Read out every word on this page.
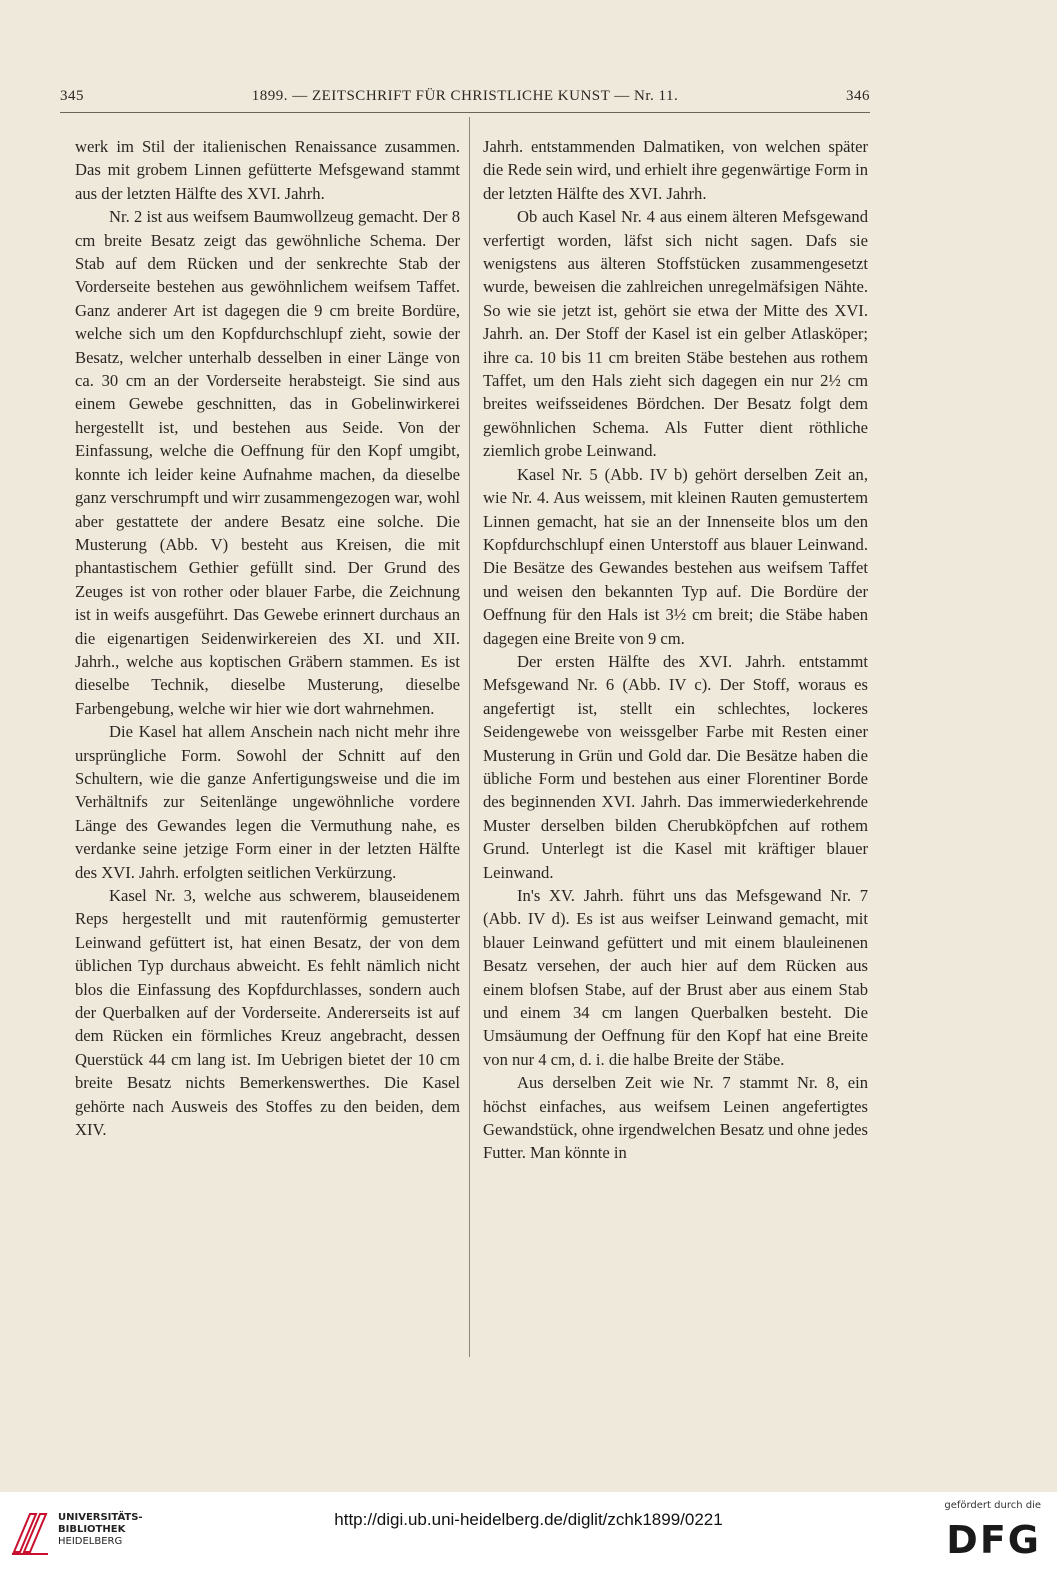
345	1899. — ZEITSCHRIFT FÜR CHRISTLICHE KUNST — Nr. 11.	346

werk im Stil der italienischen Renaissance zusammen. Das mit grobem Linnen gefütterte Mefsgewand stammt aus der letzten Hälfte des XVI. Jahrh.

Nr. 2 ist aus weifsem Baumwollzeug gemacht. Der 8 cm breite Besatz zeigt das gewöhnliche Schema. Der Stab auf dem Rücken und der senkrechte Stab der Vorderseite bestehen aus gewöhnlichem weifsem Taffet. Ganz anderer Art ist dagegen die 9 cm breite Bordüre, welche sich um den Kopfdurchschlupf zieht, sowie der Besatz, welcher unterhalb desselben in einer Länge von ca. 30 cm an der Vorderseite herabsteigt. Sie sind aus einem Gewebe geschnitten, das in Gobelinwirkerei hergestellt ist, und bestehen aus Seide. Von der Einfassung, welche die Oeffnung für den Kopf umgibt, konnte ich leider keine Aufnahme machen, da dieselbe ganz verschrumpft und wirr zusammengezogen war, wohl aber gestattete der andere Besatz eine solche. Die Musterung (Abb. V) besteht aus Kreisen, die mit phantastischem Gethier gefüllt sind. Der Grund des Zeuges ist von rother oder blauer Farbe, die Zeichnung ist in weifs ausgeführt. Das Gewebe erinnert durchaus an die eigenartigen Seidenwirkereien des XI. und XII. Jahrh., welche aus koptischen Gräbern stammen. Es ist dieselbe Technik, dieselbe Musterung, dieselbe Farbengebung, welche wir hier wie dort wahrnehmen.

Die Kasel hat allem Anschein nach nicht mehr ihre ursprüngliche Form. Sowohl der Schnitt auf den Schultern, wie die ganze Anfertigungsweise und die im Verhältnifs zur Seitenlänge ungewöhnliche vordere Länge des Gewandes legen die Vermuthung nahe, es verdanke seine jetzige Form einer in der letzten Hälfte des XVI. Jahrh. erfolgten seitlichen Verkürzung.

Kasel Nr. 3, welche aus schwerem, blauseidenem Reps hergestellt und mit rautenförmig gemusterter Leinwand gefüttert ist, hat einen Besatz, der von dem üblichen Typ durchaus abweicht. Es fehlt nämlich nicht blos die Einfassung des Kopfdurchlasses, sondern auch der Querbalken auf der Vorderseite. Andererseits ist auf dem Rücken ein förmliches Kreuz angebracht, dessen Querstück 44 cm lang ist. Im Uebrigen bietet der 10 cm breite Besatz nichts Bemerkenswerthes. Die Kasel gehörte nach Ausweis des Stoffes zu den beiden, dem XIV.

Jahrh. entstammenden Dalmatiken, von welchen später die Rede sein wird, und erhielt ihre gegenwärtige Form in der letzten Hälfte des XVI. Jahrh.

Ob auch Kasel Nr. 4 aus einem älteren Mefsgewand verfertigt worden, läfst sich nicht sagen. Dafs sie wenigstens aus älteren Stoffstücken zusammengesetzt wurde, beweisen die zahlreichen unregelmäfsigen Nähte. So wie sie jetzt ist, gehört sie etwa der Mitte des XVI. Jahrh. an. Der Stoff der Kasel ist ein gelber Atlasköper; ihre ca. 10 bis 11 cm breiten Stäbe bestehen aus rothem Taffet, um den Hals zieht sich dagegen ein nur 2½ cm breites weifsseidenes Bördchen. Der Besatz folgt dem gewöhnlichen Schema. Als Futter dient röthliche ziemlich grobe Leinwand.

Kasel Nr. 5 (Abb. IV b) gehört derselben Zeit an, wie Nr. 4. Aus weissem, mit kleinen Rauten gemustertem Linnen gemacht, hat sie an der Innenseite blos um den Kopfdurchschlupf einen Unterstoff aus blauer Leinwand. Die Besätze des Gewandes bestehen aus weifsem Taffet und weisen den bekannten Typ auf. Die Bordüre der Oeffnung für den Hals ist 3½ cm breit; die Stäbe haben dagegen eine Breite von 9 cm.

Der ersten Hälfte des XVI. Jahrh. entstammt Mefsgewand Nr. 6 (Abb. IV c). Der Stoff, woraus es angefertigt ist, stellt ein schlechtes, lockeres Seidengewebe von weissgelber Farbe mit Resten einer Musterung in Grün und Gold dar. Die Besätze haben die übliche Form und bestehen aus einer Florentiner Borde des beginnenden XVI. Jahrh. Das immerwiederkehrende Muster derselben bilden Cherubköpfchen auf rothem Grund. Unterlegt ist die Kasel mit kräftiger blauer Leinwand.

In's XV. Jahrh. führt uns das Mefsgewand Nr. 7 (Abb. IV d). Es ist aus weifser Leinwand gemacht, mit blauer Leinwand gefüttert und mit einem blauleinenen Besatz versehen, der auch hier auf dem Rücken aus einem blofsen Stabe, auf der Brust aber aus einem Stab und einem 34 cm langen Querbalken besteht. Die Umsäumung der Oeffnung für den Kopf hat eine Breite von nur 4 cm, d. i. die halbe Breite der Stäbe.

Aus derselben Zeit wie Nr. 7 stammt Nr. 8, ein höchst einfaches, aus weifsem Leinen angefertigtes Gewandstück, ohne irgendwelchen Besatz und ohne jedes Futter. Man könnte in

UNIVERSITÄTS-
BIBLIOTHEK
HEIDELBERG
http://digi.ub.uni-heidelberg.de/diglit/zchk1899/0221
gefördert durch die
DFG
